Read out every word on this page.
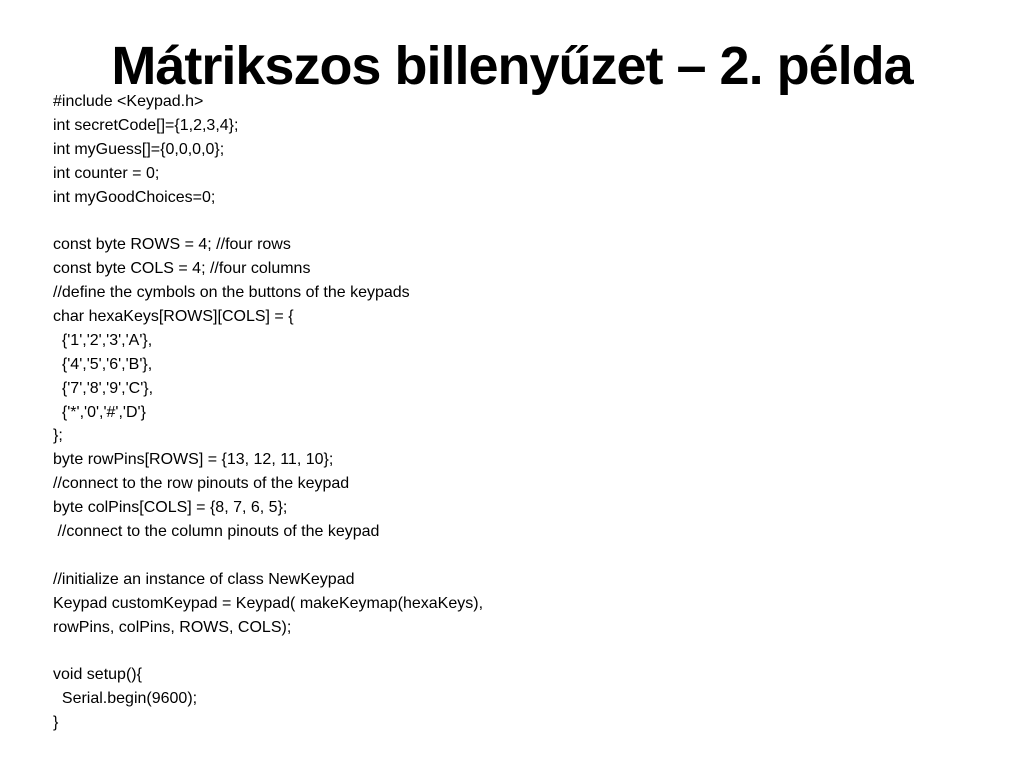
Mátrikszos billenyűzet – 2. példa
#include <Keypad.h>
int secretCode[]={1,2,3,4};
int myGuess[]={0,0,0,0};
int counter = 0;
int myGoodChoices=0;
const byte ROWS = 4; //four rows
const byte COLS = 4; //four columns
//define the cymbols on the buttons of the keypads
char hexaKeys[ROWS][COLS] = {
{'1','2','3','A'},
{'4','5','6','B'},
{'7','8','9','C'},
{'*','0','#','D'}
};
byte rowPins[ROWS] = {13, 12, 11, 10};
//connect to the row pinouts of the keypad
byte colPins[COLS] = {8, 7, 6, 5};
//connect to the column pinouts of the keypad
//initialize an instance of class NewKeypad
Keypad customKeypad = Keypad( makeKeymap(hexaKeys),
rowPins, colPins, ROWS, COLS);
void setup(){
Serial.begin(9600);
}
